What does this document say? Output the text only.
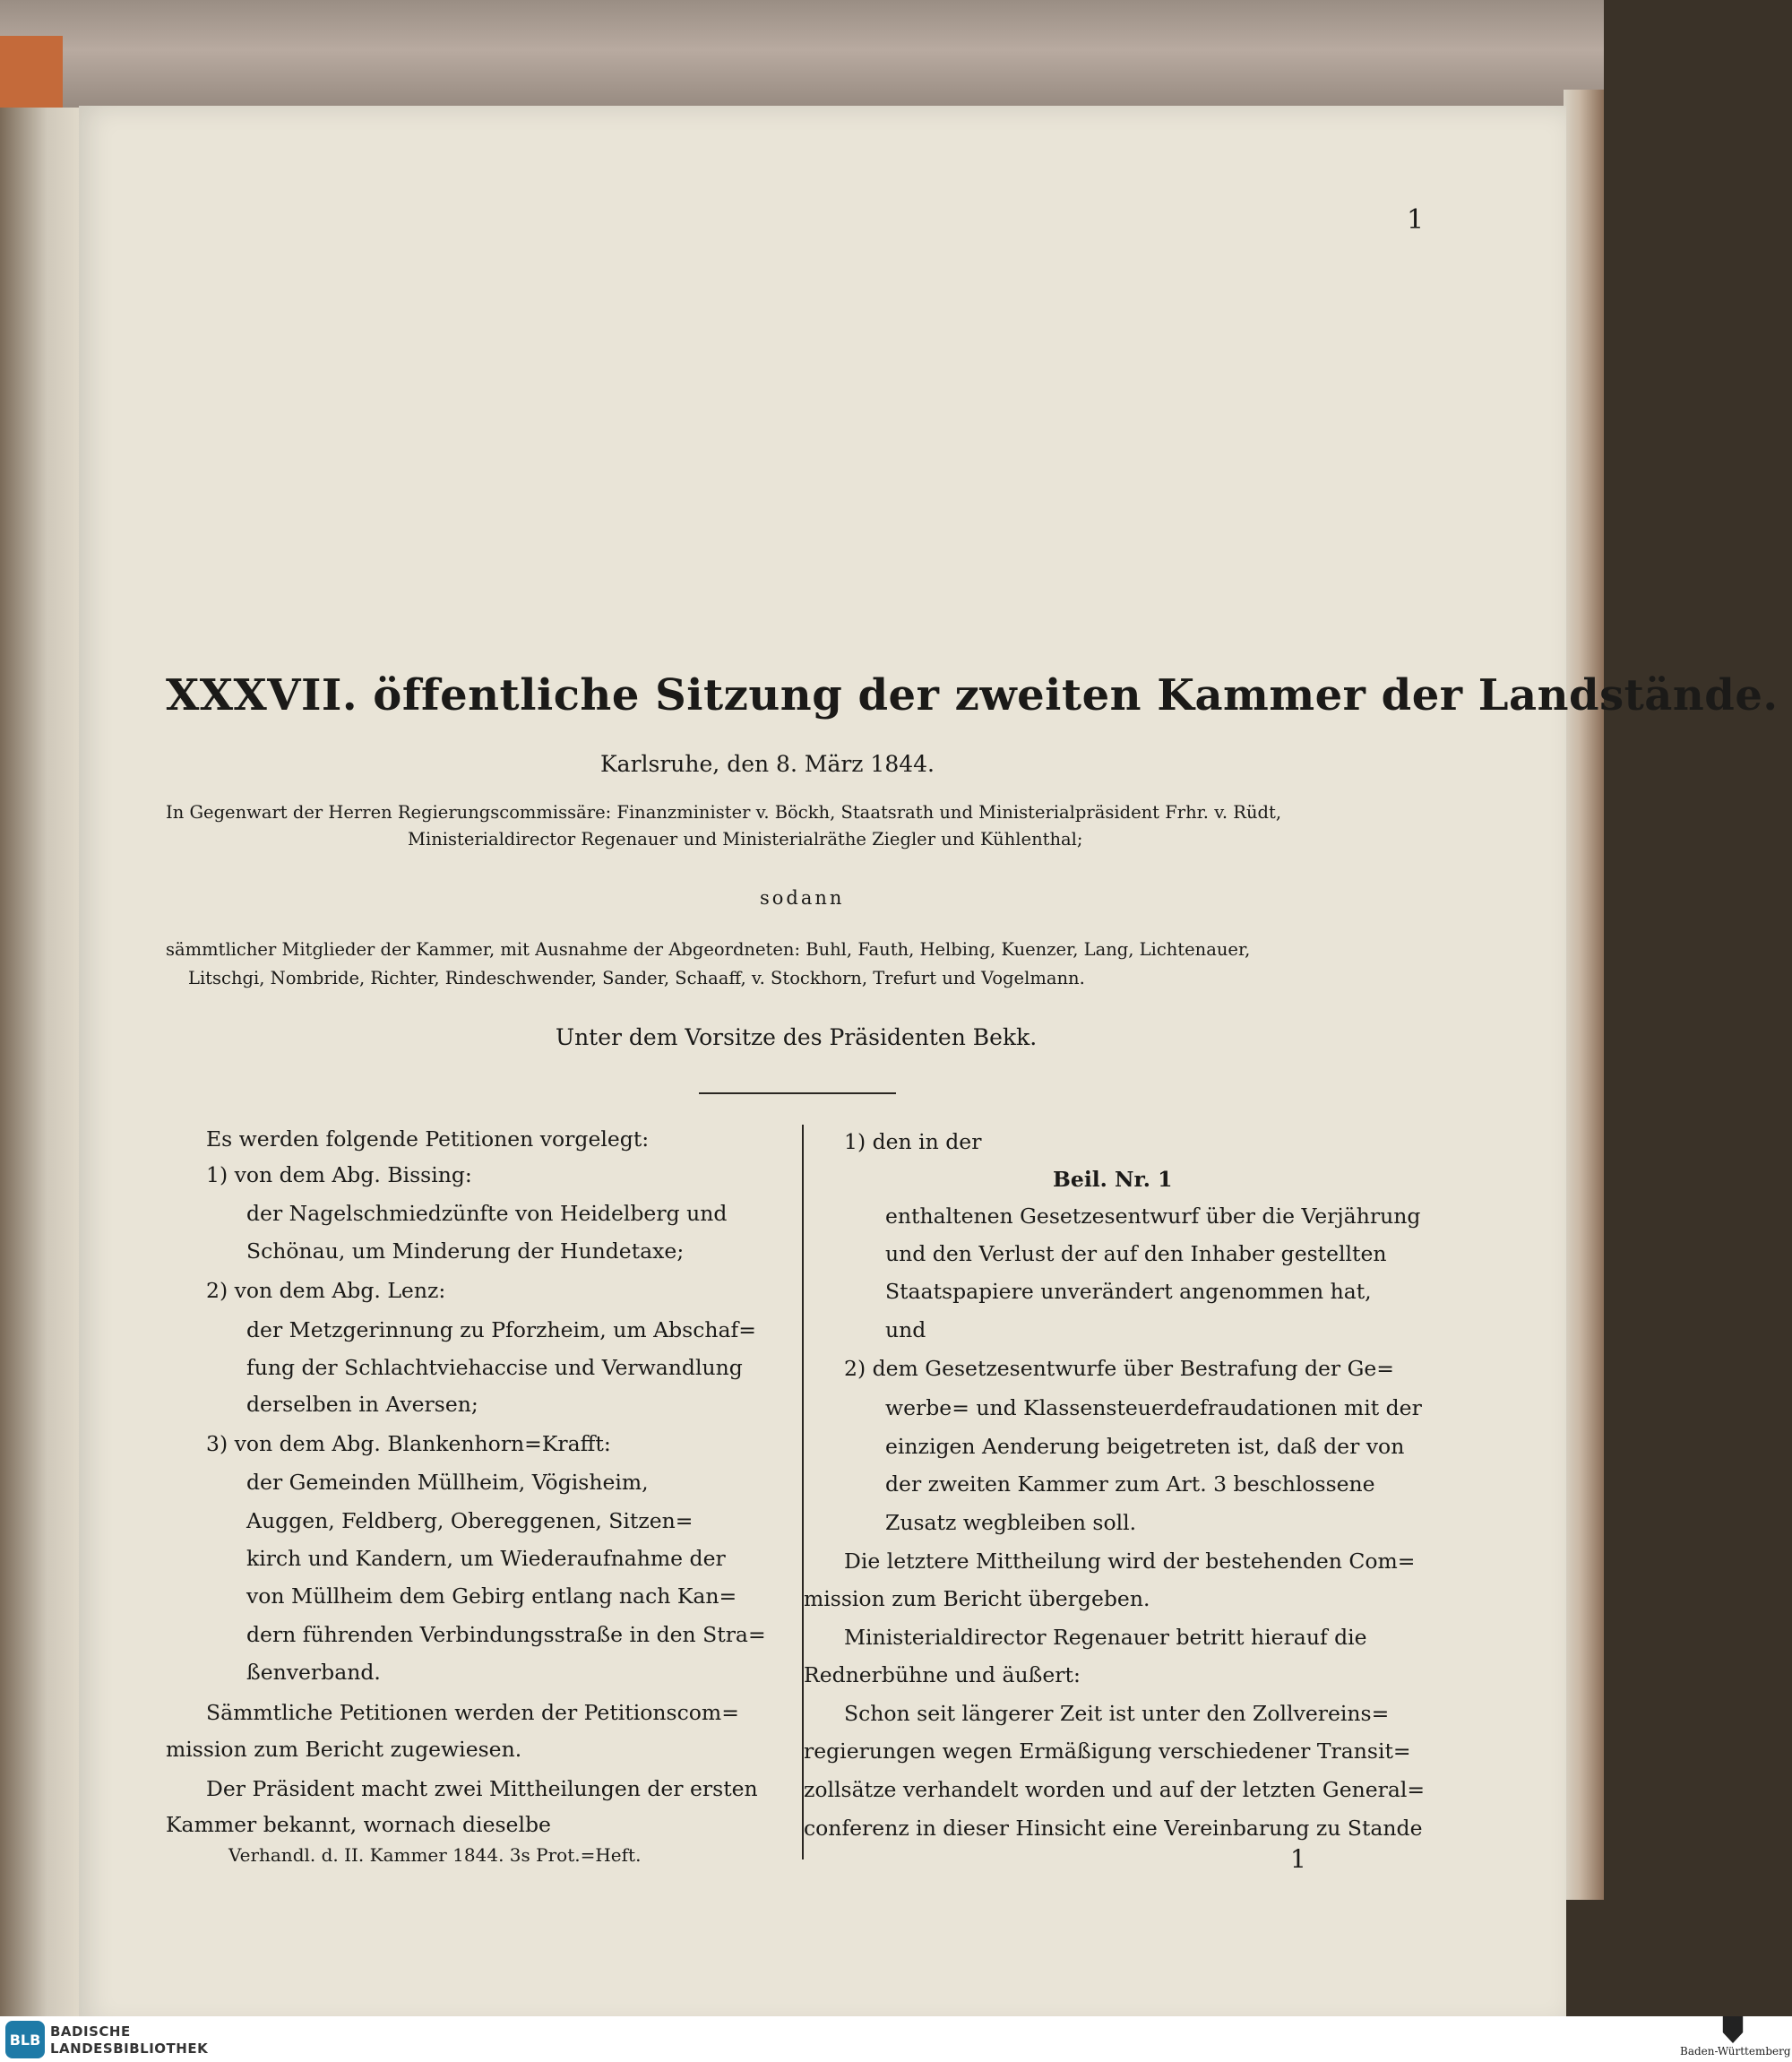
1
XXXVII. öffentliche Sitzung der zweiten Kammer der Landstände.
Karlsruhe, den 8. März 1844.
In Gegenwart der Herren Regierungscommissäre: Finanzminister v. Böckh, Staatsrath und Ministerialpräsident Frhr. v. Rüdt,
Ministerialdirector Regenauer und Ministerialräthe Ziegler und Kühlenthal;
sodann
sämmtlicher Mitglieder der Kammer, mit Ausnahme der Abgeordneten: Buhl, Fauth, Helbing, Kuenzer, Lang, Lichtenauer,
Litschgi, Nombride, Richter, Rindeschwender, Sander, Schaaff, v. Stockhorn, Trefurt und Vogelmann.
Unter dem Vorsitze des Präsidenten Bekk.
Es werden folgende Petitionen vorgelegt:
1) von dem Abg. Bissing:
der Nagelschmiedzünfte von Heidelberg und
Schönau, um Minderung der Hundetaxe;
2) von dem Abg. Lenz:
der Metzgerinnung zu Pforzheim, um Abschaf=
fung der Schlachtviehaccise und Verwandlung
derselben in Aversen;
3) von dem Abg. Blankenhorn=Krafft:
der Gemeinden Müllheim, Vögisheim,
Auggen, Feldberg, Obereggenen, Sitzen=
kirch und Kandern, um Wiederaufnahme der
von Müllheim dem Gebirg entlang nach Kan=
dern führenden Verbindungsstraße in den Stra=
ßenverband.
Sämmtliche Petitionen werden der Petitionscom=
mission zum Bericht zugewiesen.
Der Präsident macht zwei Mittheilungen der ersten
Kammer bekannt, wornach dieselbe
1) den in der
Beil. Nr. 1
enthaltenen Gesetzesentwurf über die Verjährung
und den Verlust der auf den Inhaber gestellten
Staatspapiere unverändert angenommen hat,
und
2) dem Gesetzesentwurfe über Bestrafung der Ge=
werbe= und Klassensteuerdefraudationen mit der
einzigen Aenderung beigetreten ist, daß der von
der zweiten Kammer zum Art. 3 beschlossene
Zusatz wegbleiben soll.
Die letztere Mittheilung wird der bestehenden Com=
mission zum Bericht übergeben.
Ministerialdirector Regenauer betritt hierauf die
Rednerbühne und äußert:
Schon seit längerer Zeit ist unter den Zollvereins=
regierungen wegen Ermäßigung verschiedener Transit=
zollsätze verhandelt worden und auf der letzten General=
conferenz in dieser Hinsicht eine Vereinbarung zu Stande
Verhandl. d. II. Kammer 1844. 3s Prot.=Heft.	1
BLB BADISCHE
LANDESBIBLIOTHEK	Baden-Württemberg
